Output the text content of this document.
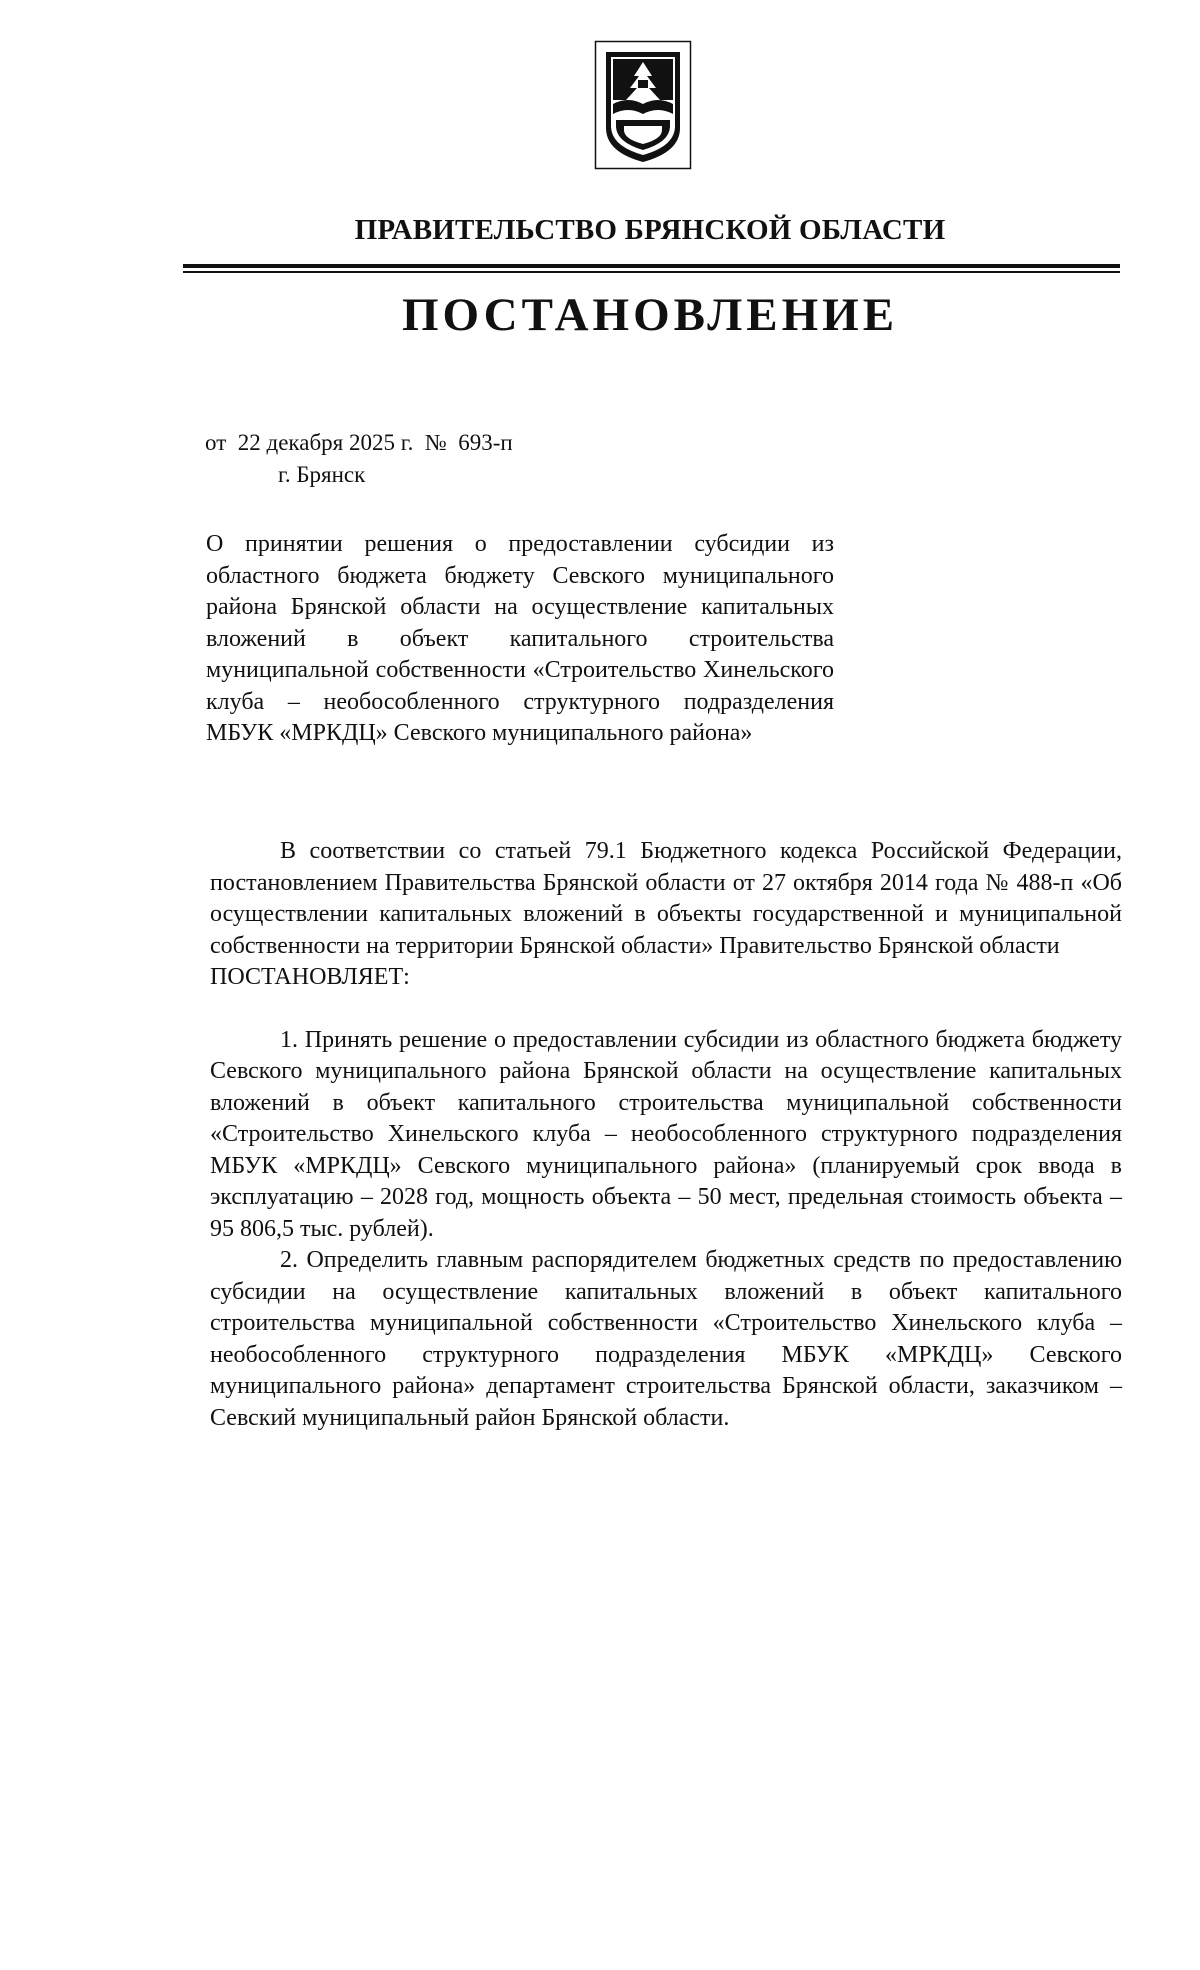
ПРАВИТЕЛЬСТВО БРЯНСКОЙ ОБЛАСТИ
ПОСТАНОВЛЕНИЕ
от  22 декабря 2025 г.  №  693-п
г. Брянск
О принятии решения о предоставлении субсидии из областного бюджета бюджету Севского муниципального района Брянской области на осуществление капитальных вложений в объект капитального строительства муниципальной собственности «Строительство Хинельского клуба – необособленного структурного подразделения МБУК «МРКДЦ» Севского муниципального района»

В соответствии со статьей 79.1 Бюджетного кодекса Российской Федерации, постановлением Правительства Брянской области от 27 октября 2014 года № 488-п «Об осуществлении капитальных вложений в объекты государственной и муниципальной собственности на территории Брянской области» Правительство Брянской области

ПОСТАНОВЛЯЕТ:

1. Принять решение о предоставлении субсидии из областного бюджета бюджету Севского муниципального района Брянской области на осуществление капитальных вложений в объект капитального строительства муниципальной собственности «Строительство Хинельского клуба – необособленного структурного подразделения МБУК «МРКДЦ» Севского муниципального района» (планируемый срок ввода в эксплуатацию – 2028 год, мощность объекта – 50 мест, предельная стоимость объекта – 95 806,5 тыс. рублей).

2. Определить главным распорядителем бюджетных средств по предоставлению субсидии на осуществление капитальных вложений в объект капитального строительства муниципальной собственности «Строительство Хинельского клуба – необособленного структурного подразделения МБУК «МРКДЦ» Севского муниципального района» департамент строительства Брянской области, заказчиком – Севский муниципальный район Брянской области.
